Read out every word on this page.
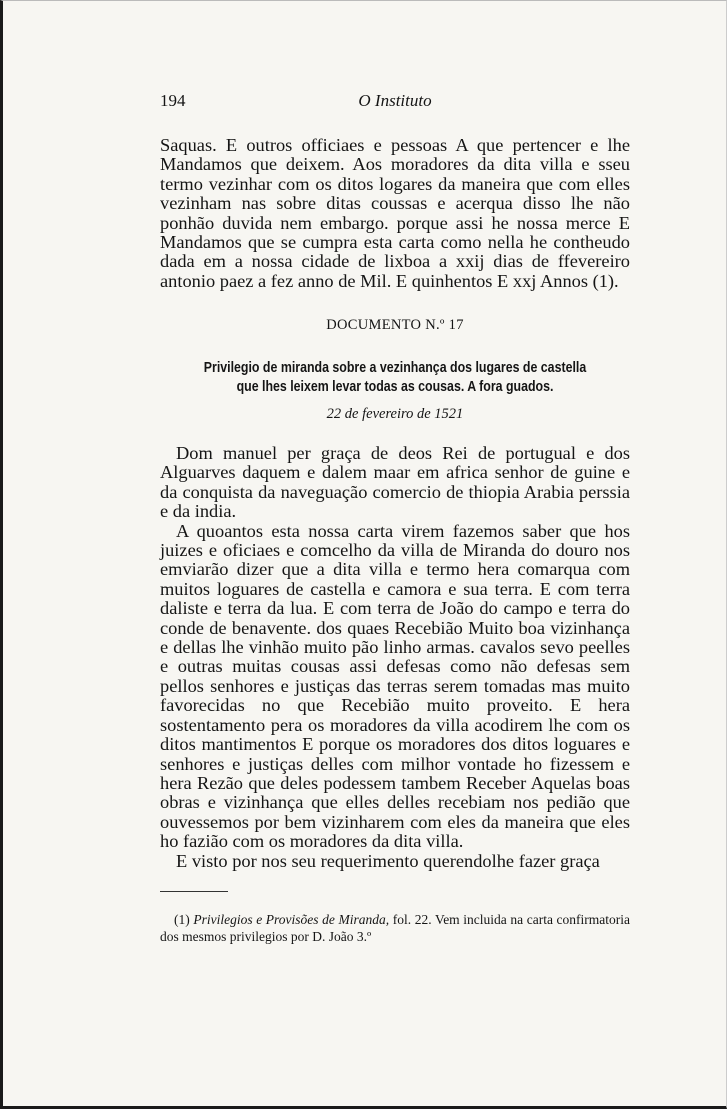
194	O Instituto

Saquas. E outros officiaes e pessoas A que pertencer e lhe Mandamos que deixem. Aos moradores da dita villa e sseu termo vezinhar com os ditos logares da maneira que com elles vezinham nas sobre ditas coussas e acerqua disso lhe não ponhão duvida nem embargo. porque assi he nossa merce E Mandamos que se cumpra esta carta como nella he contheudo dada em a nossa cidade de lixboa a xxij dias de ffevereiro antonio paez a fez anno de Mil. E quinhentos E xxj Annos (1).

DOCUMENTO N.º 17
Privilegio de miranda sobre a vezinhança dos lugares de castella que lhes leixem levar todas as cousas. A fora guados.
22 de fevereiro de 1521

Dom manuel per graça de deos Rei de portugual e dos Alguarves daquem e dalem maar em africa senhor de guine e da conquista da naveguação comercio de thiopia Arabia perssia e da india.

A quoantos esta nossa carta virem fazemos saber que hos juizes e oficiaes e comcelho da villa de Miranda do douro nos emviarão dizer que a dita villa e termo hera comarqua com muitos loguares de castella e camora e sua terra. E com terra daliste e terra da lua. E com terra de João do campo e terra do conde de benavente. dos quaes Recebião Muito boa vizinhança e dellas lhe vinhão muito pão linho armas. cavalos sevo peelles e outras muitas cousas assi defesas como não defesas sem pellos senhores e justiças das terras serem tomadas mas muito favorecidas no que Recebião muito proveito. E hera sostentamento pera os moradores da villa acodirem lhe com os ditos mantimentos E porque os moradores dos ditos loguares e senhores e justiças delles com milhor vontade ho fizessem e hera Rezão que deles podessem tambem Receber Aquelas boas obras e vizinhança que elles delles recebiam nos pedião que ouvessemos por bem vizinharem com eles da maneira que eles ho fazião com os moradores da dita villa.

E visto por nos seu requerimento querendolhe fazer graça

(1) Privilegios e Provisões de Miranda, fol. 22. Vem incluida na carta confirmatoria dos mesmos privilegios por D. João 3.º
